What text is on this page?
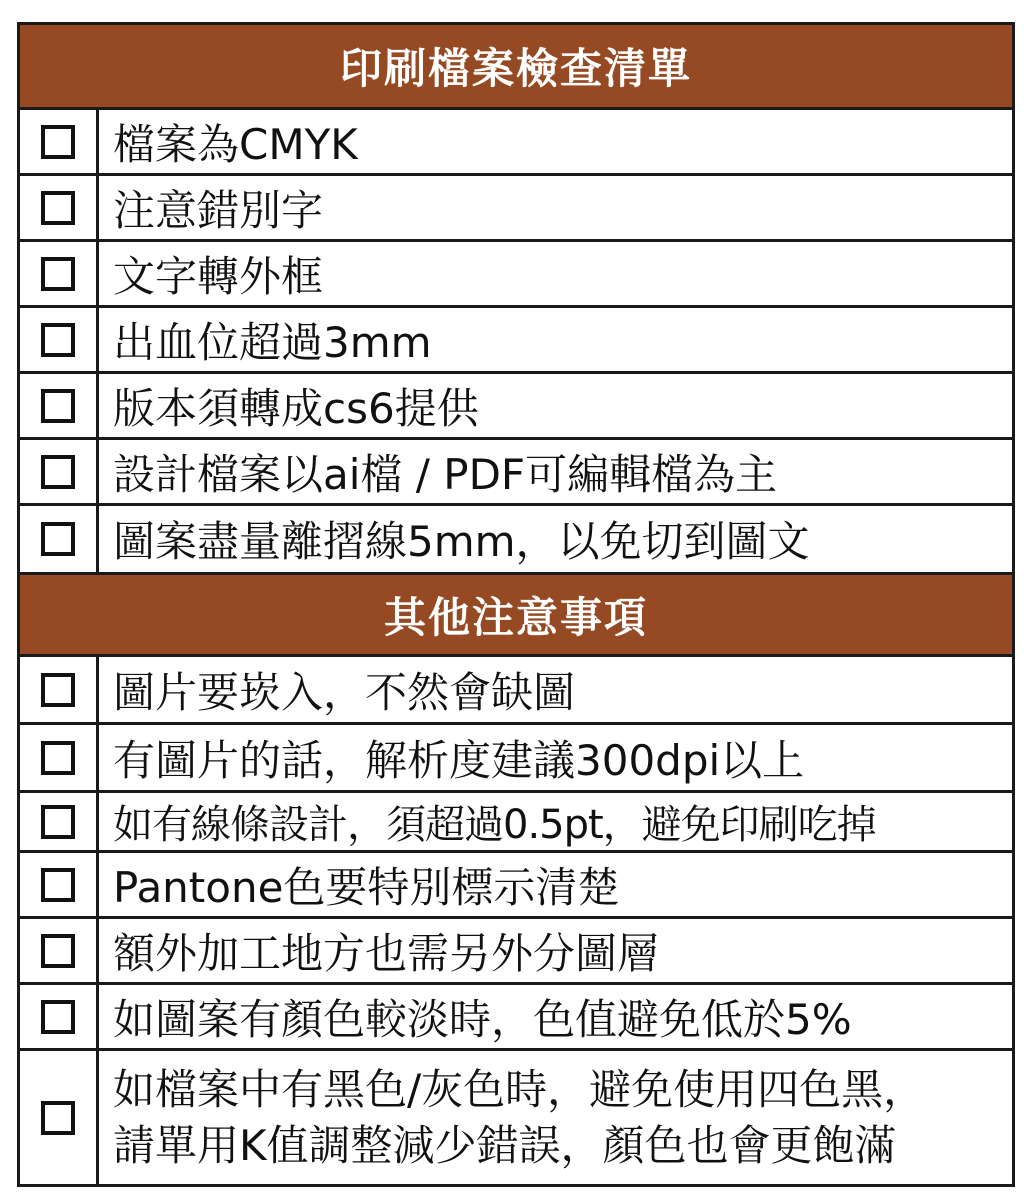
印刷檔案檢查清單
檔案為CMYK
注意錯別字
文字轉外框
出血位超過3mm
版本須轉成cs6提供
設計檔案以ai檔 / PDF可編輯檔為主
圖案盡量離摺線5mm，以免切到圖文
其他注意事項
圖片要崁入，不然會缺圖
有圖片的話，解析度建議300dpi以上
如有線條設計，須超過0.5pt，避免印刷吃掉
Pantone色要特別標示清楚
額外加工地方也需另外分圖層
如圖案有顏色較淡時，色值避免低於5%
如檔案中有黑色/灰色時，避免使用四色黑，
請單用K值調整減少錯誤，顏色也會更飽滿
